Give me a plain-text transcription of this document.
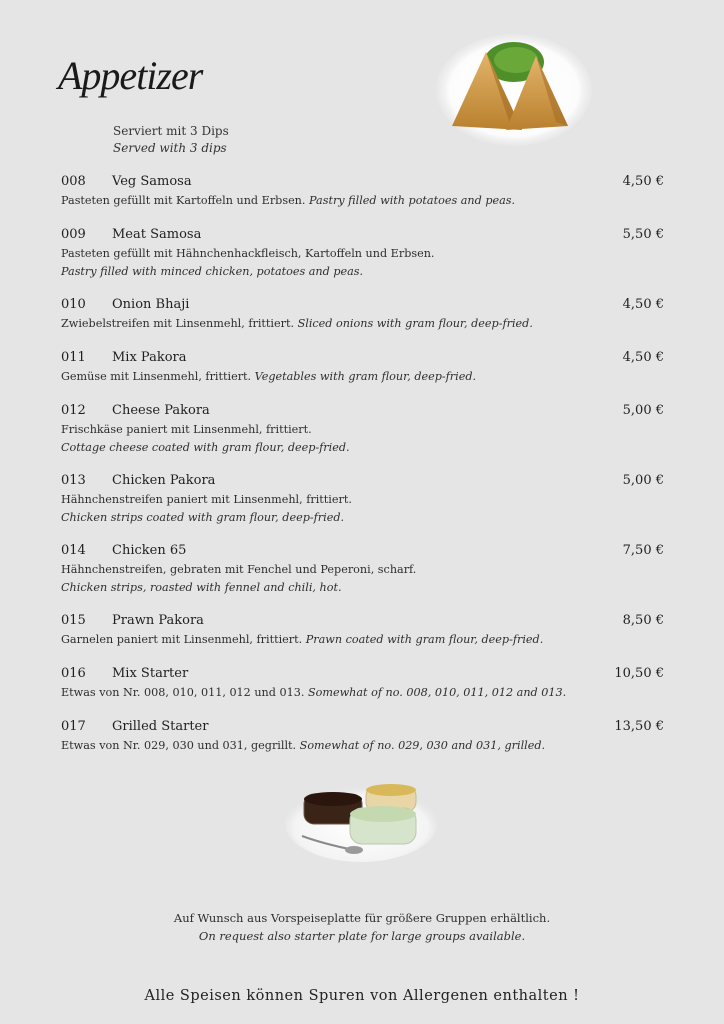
Appetizer
Serviert mit 3 Dips
Served with 3 dips
008 Veg Samosa	4,50 €
Pasteten gefüllt mit Kartoffeln und Erbsen. Pastry filled with potatoes and peas.
009 Meat Samosa	5,50 €
Pasteten gefüllt mit Hähnchenhackfleisch, Kartoffeln und Erbsen.
Pastry filled with minced chicken, potatoes and peas.
010 Onion Bhaji	4,50 €
Zwiebelstreifen mit Linsenmehl, frittiert. Sliced onions with gram flour, deep-fried.
011 Mix Pakora	4,50 €
Gemüse mit Linsenmehl, frittiert. Vegetables with gram flour, deep-fried.
012 Cheese Pakora	5,00 €
Frischkäse paniert mit Linsenmehl, frittiert.
Cottage cheese coated with gram flour, deep-fried.
013 Chicken Pakora	5,00 €
Hähnchenstreifen paniert mit Linsenmehl, frittiert.
Chicken strips coated with gram flour, deep-fried.
014 Chicken 65	7,50 €
Hähnchenstreifen, gebraten mit Fenchel und Peperoni, scharf.
Chicken strips, roasted with fennel and chili, hot.
015 Prawn Pakora	8,50 €
Garnelen paniert mit Linsenmehl, frittiert. Prawn coated with gram flour, deep-fried.
016 Mix Starter	10,50 €
Etwas von Nr. 008, 010, 011, 012 und 013. Somewhat of no. 008, 010, 011, 012 and 013.
017 Grilled Starter	13,50 €
Etwas von Nr. 029, 030 und 031, gegrillt. Somewhat of no. 029, 030 and 031, grilled.
Auf Wunsch aus Vorspeiseplatte für größere Gruppen erhältlich.
On request also starter plate for large groups available.
Alle Speisen können Spuren von Allergenen enthalten !
